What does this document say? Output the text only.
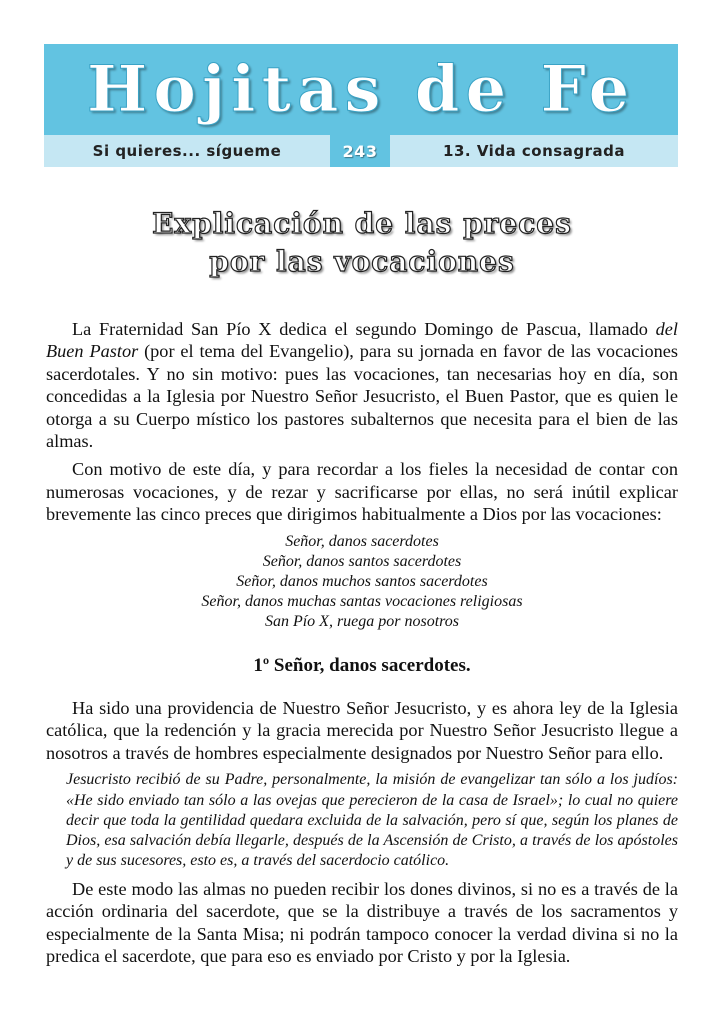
Hojitas de Fe
Si quieres... sígueme	243	13. Vida consagrada
Explicación de las preces
por las vocaciones

La Fraternidad San Pío X dedica el segundo Domingo de Pascua, llamado del Buen Pastor (por el tema del Evangelio), para su jornada en favor de las vocaciones sacerdotales. Y no sin motivo: pues las vocaciones, tan necesarias hoy en día, son concedidas a la Iglesia por Nuestro Señor Jesucristo, el Buen Pastor, que es quien le otorga a su Cuerpo místico los pastores subalternos que necesita para el bien de las almas.

Con motivo de este día, y para recordar a los fieles la necesidad de contar con numerosas vocaciones, y de rezar y sacrificarse por ellas, no será inútil explicar brevemente las cinco preces que dirigimos habitualmente a Dios por las vocaciones:

Señor, danos sacerdotes
Señor, danos santos sacerdotes
Señor, danos muchos santos sacerdotes
Señor, danos muchas santas vocaciones religiosas
San Pío X, ruega por nosotros
1º Señor, danos sacerdotes.

Ha sido una providencia de Nuestro Señor Jesucristo, y es ahora ley de la Iglesia católica, que la redención y la gracia merecida por Nuestro Señor Jesucristo llegue a nosotros a través de hombres especialmente designados por Nuestro Señor para ello.

Jesucristo recibió de su Padre, personalmente, la misión de evangelizar tan sólo a los judíos: «He sido enviado tan sólo a las ovejas que perecieron de la casa de Israel»; lo cual no quiere decir que toda la gentilidad quedara excluida de la salvación, pero sí que, según los planes de Dios, esa salvación debía llegarle, después de la Ascensión de Cristo, a través de los apóstoles y de sus sucesores, esto es, a través del sacerdocio católico.

De este modo las almas no pueden recibir los dones divinos, si no es a través de la acción ordinaria del sacerdote, que se la distribuye a través de los sacramentos y especialmente de la Santa Misa; ni podrán tampoco conocer la verdad divina si no la predica el sacerdote, que para eso es enviado por Cristo y por la Iglesia.
